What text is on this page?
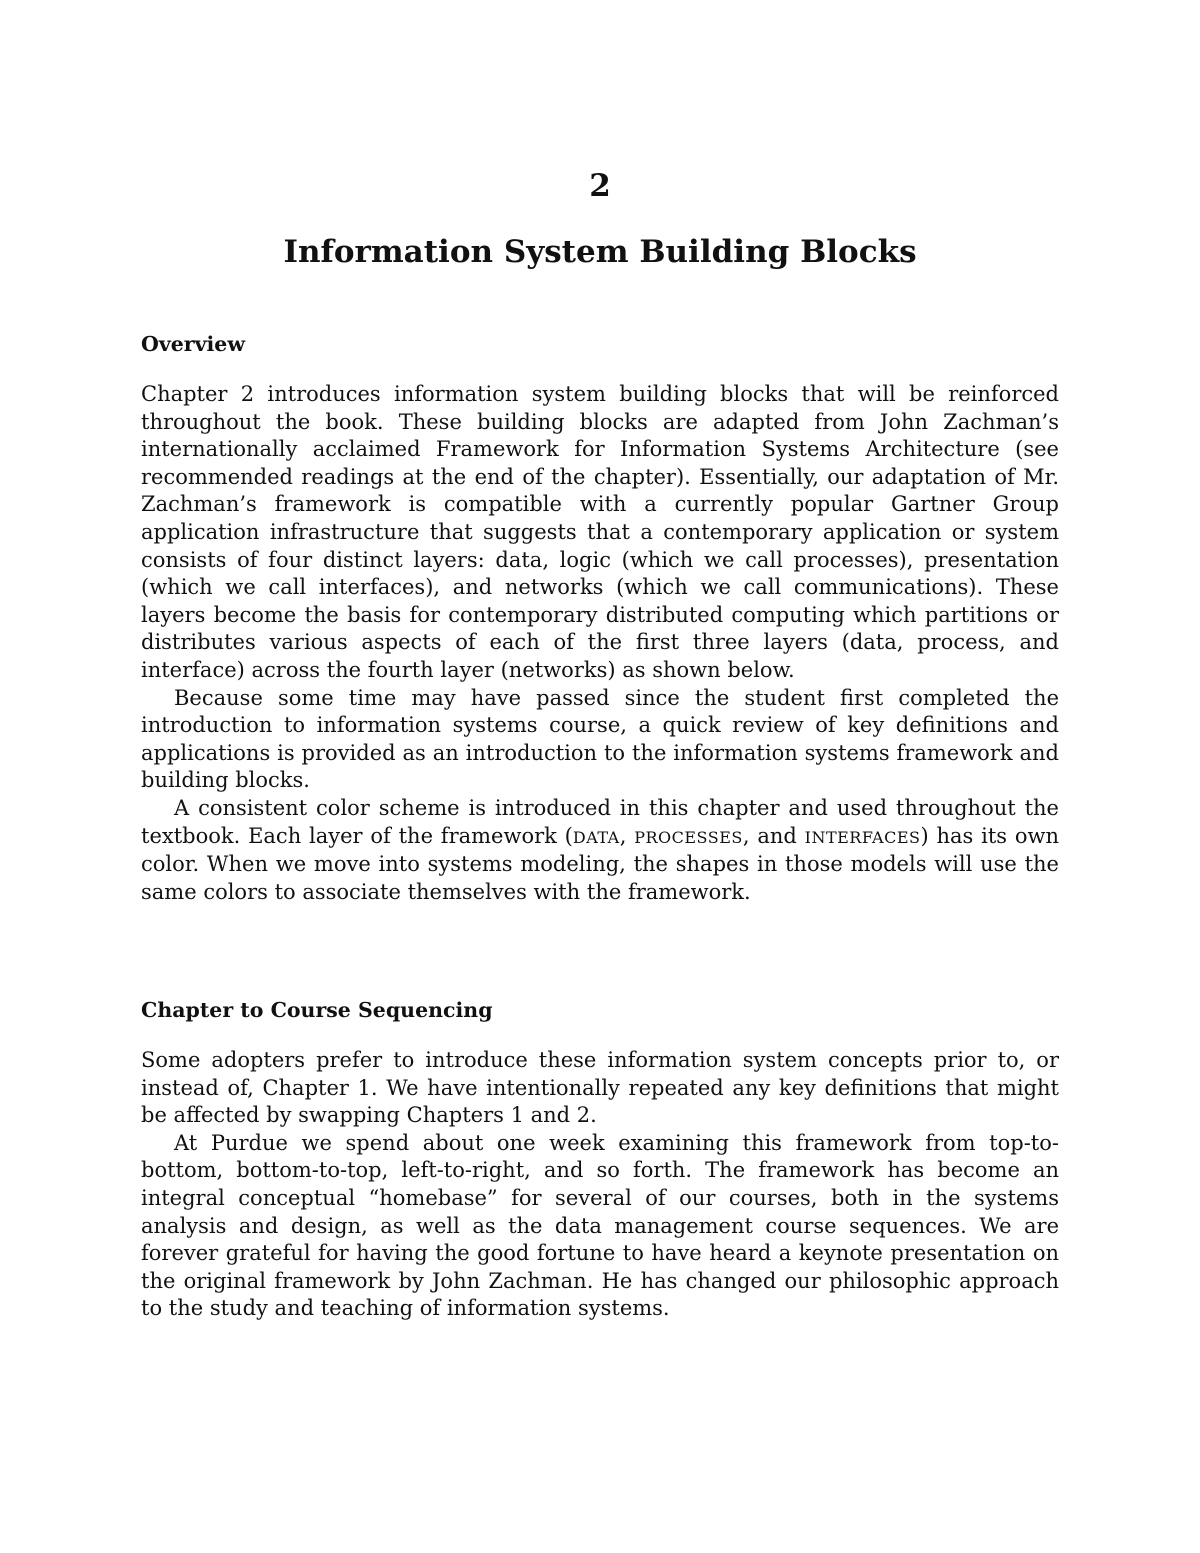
2
Information System Building Blocks
Overview

Chapter 2 introduces information system building blocks that will be reinforced throughout the book. These building blocks are adapted from John Zachman’s internationally acclaimed Framework for Information Systems Architecture (see recommended readings at the end of the chapter). Essentially, our adaptation of Mr. Zachman’s framework is compatible with a currently popular Gartner Group application infrastructure that suggests that a contemporary application or system consists of four distinct layers: data, logic (which we call processes), presentation (which we call interfaces), and networks (which we call communications). These layers become the basis for contemporary distributed computing which partitions or distributes various aspects of each of the first three layers (data, process, and interface) across the fourth layer (networks) as shown below.

Because some time may have passed since the student first completed the introduction to information systems course, a quick review of key definitions and applications is provided as an introduction to the information systems framework and building blocks.

A consistent color scheme is introduced in this chapter and used throughout the textbook. Each layer of the framework (DATA, PROCESSES, and INTERFACES) has its own color. When we move into systems modeling, the shapes in those models will use the same colors to associate themselves with the framework.

Chapter to Course Sequencing

Some adopters prefer to introduce these information system concepts prior to, or instead of, Chapter 1. We have intentionally repeated any key definitions that might be affected by swapping Chapters 1 and 2.

At Purdue we spend about one week examining this framework from top-to-bottom, bottom-to-top, left-to-right, and so forth. The framework has become an integral conceptual “homebase” for several of our courses, both in the systems analysis and design, as well as the data management course sequences. We are forever grateful for having the good fortune to have heard a keynote presentation on the original framework by John Zachman. He has changed our philosophic approach to the study and teaching of information systems.
